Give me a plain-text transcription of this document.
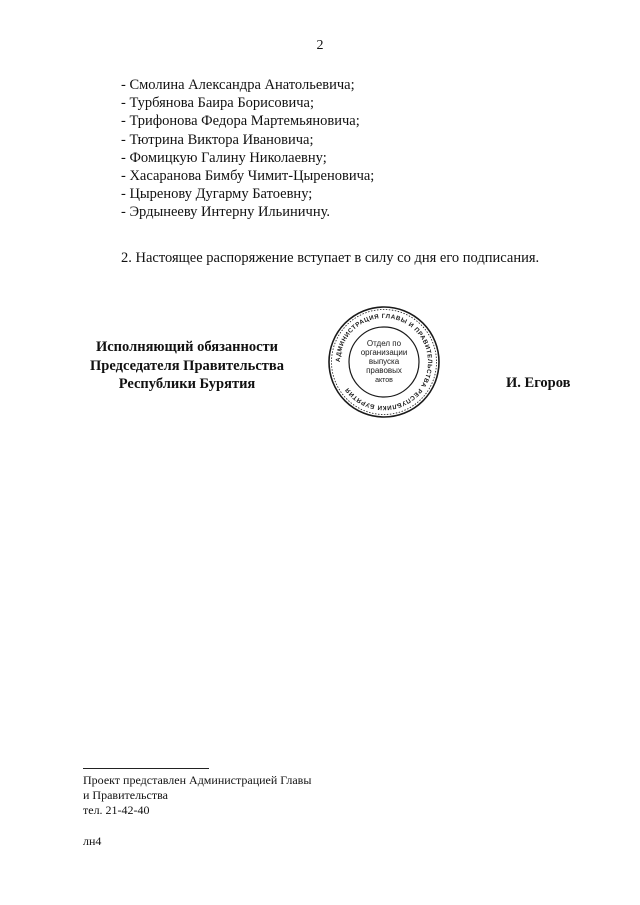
2
- Смолина Александра Анатольевича;
- Турбянова Баира Борисовича;
- Трифонова Федора Мартемьяновича;
- Тютрина Виктора Ивановича;
- Фомицкую Галину Николаевну;
- Хасаранова Бимбу Чимит-Цыреновича;
- Цыренову Дугарму Батоевну;
- Эрдынееву Интерну Ильиничну.
2. Настоящее распоряжение вступает в силу со дня его подписания.
Исполняющий обязанности
Председателя Правительства
Республики Бурятия
АДМИНИСТРАЦИЯ ГЛАВЫ И ПРАВИТЕЛЬСТВА РЕСПУБЛИКИ БУРЯТИЯ
Отдел по
организации
выпуска
правовых
актов	И. Егоров
Проект представлен Администрацией Главы
и Правительства
тел. 21-42-40
лн4
